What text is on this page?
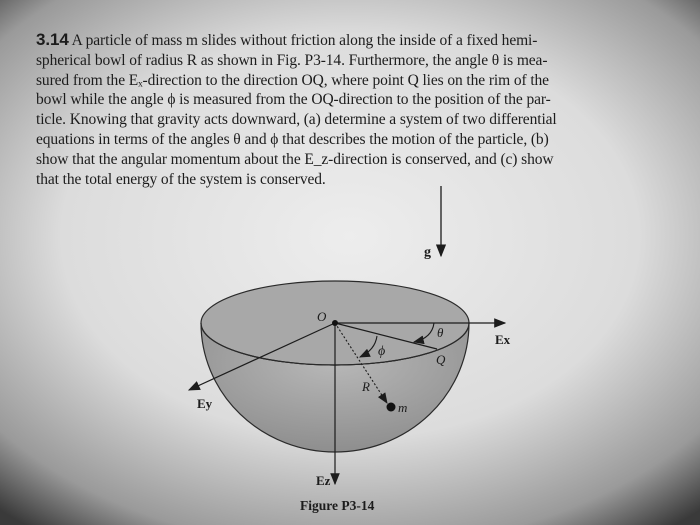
3.14 A particle of mass m slides without friction along the inside of a fixed hemi-
spherical bowl of radius R as shown in Fig. P3-14. Furthermore, the angle θ is mea-
sured from the Eₓ-direction to the direction OQ, where point Q lies on the rim of the
bowl while the angle ϕ is measured from the OQ-direction to the position of the par-
ticle. Knowing that gravity acts downward, (a) determine a system of two differential
equations in terms of the angles θ and ϕ that describes the motion of the particle, (b)
show that the angular momentum about the E_z-direction is conserved, and (c) show
that the total energy of the system is conserved.
g
O
θ
ϕ
Q
Ex
Ey
Ez
R
m
Figure P3-14
